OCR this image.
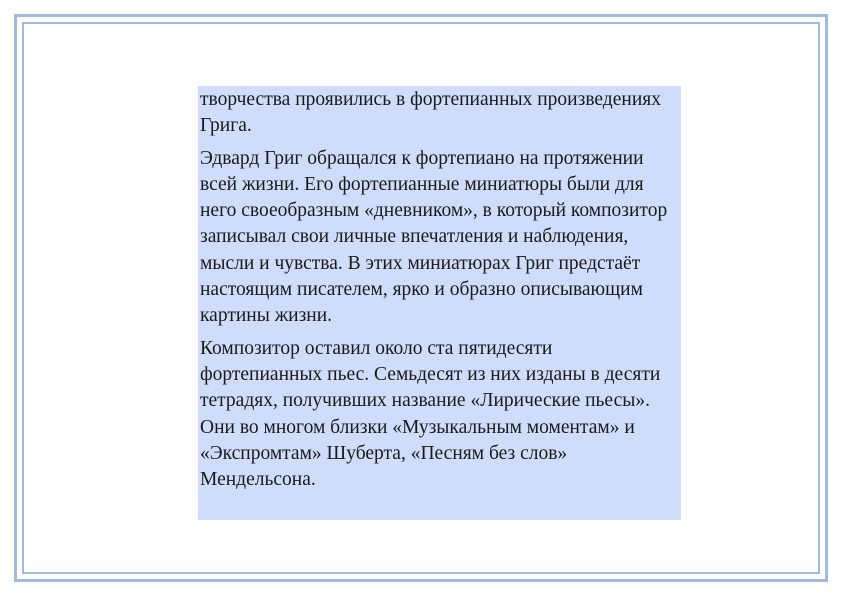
творчества проявились в фортепианных произведениях Грига.

Эдвард Григ обращался к фортепиано на протяжении всей жизни. Его фортепианные миниатюры были для него своеобразным «дневником», в который композитор записывал свои личные впечатления и наблюдения, мысли и чувства. В этих миниатюрах Григ предстаёт настоящим писателем, ярко и образно описывающим картины жизни.

Композитор оставил около ста пятидесяти фортепианных пьес. Семьдесят из них изданы в десяти тетрадях, получивших название «Лирические пьесы». Они во многом близки «Музыкальным моментам» и «Экспромтам» Шуберта, «Песням без слов» Мендельсона.
